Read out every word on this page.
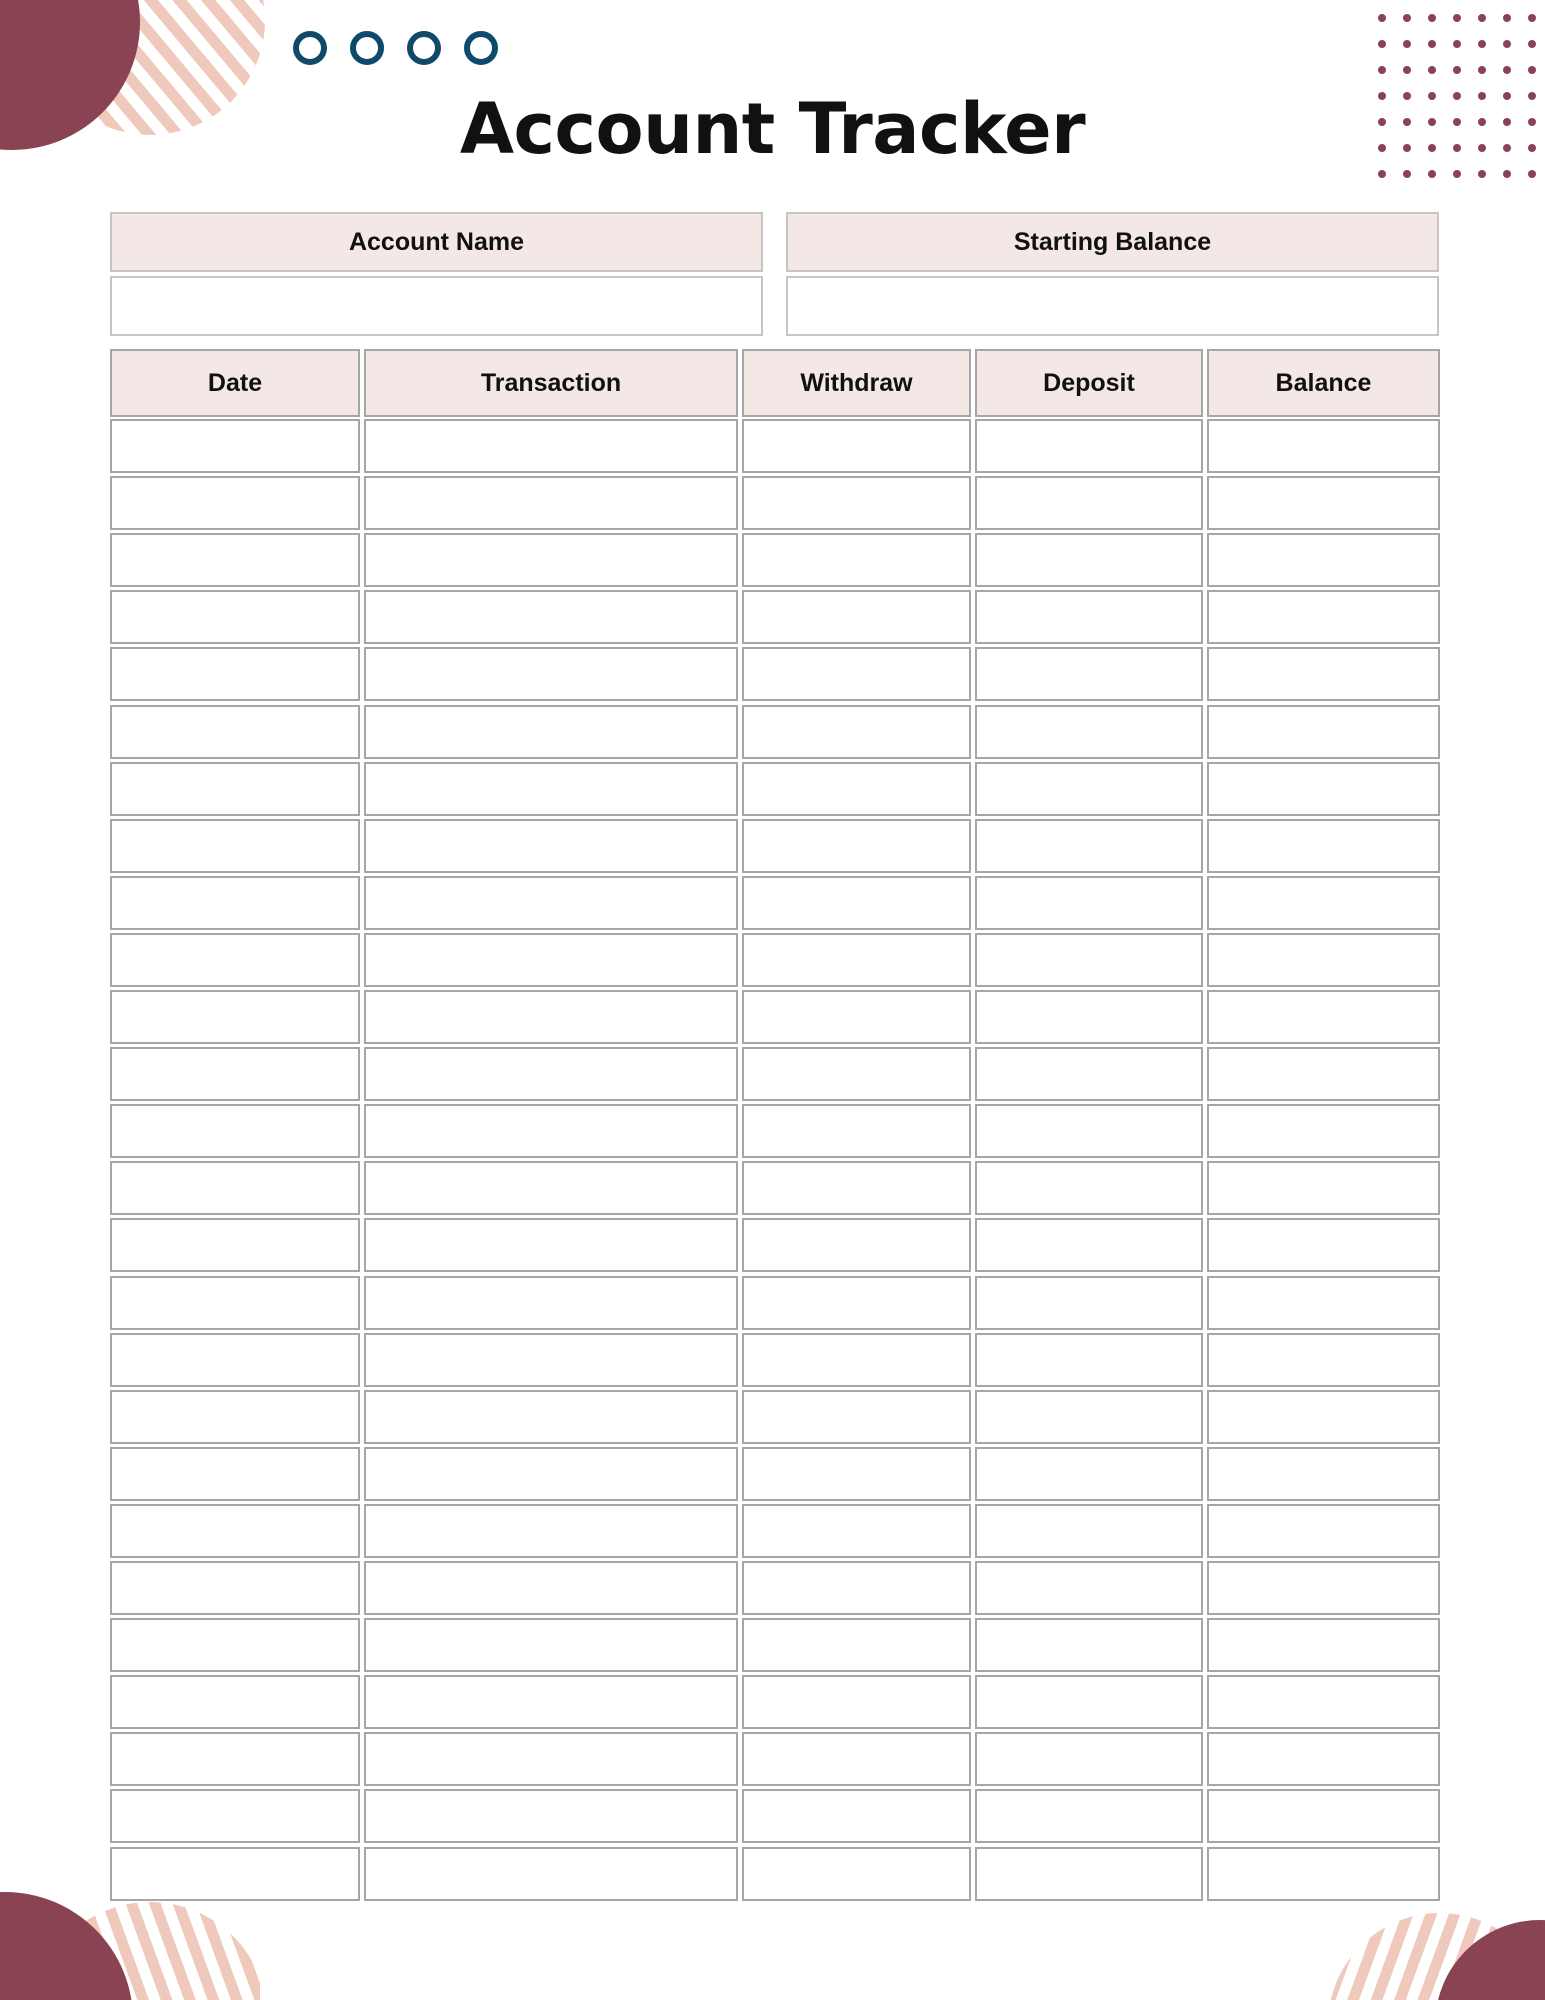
Account Tracker
Account Name	Starting Balance
Date	Transaction	Withdraw	Deposit	Balance
